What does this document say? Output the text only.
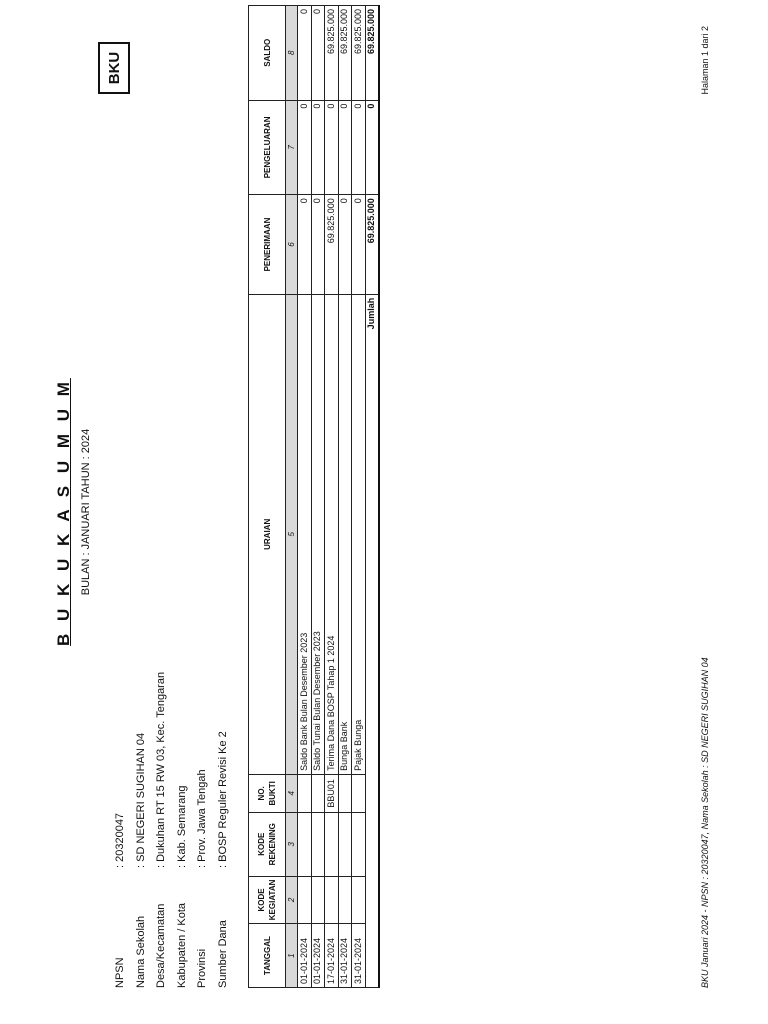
BKU
B U K U K A S U M U M BULAN : JANUARI TAHUN : 2024
NPSN
: 20320047
Nama Sekolah
: SD NEGERI SUGIHAN 04
Desa/Kecamatan
: Dukuhan RT 15 RW 03, Kec. Tengaran
Kabupaten / Kota
: Kab. Semarang
Provinsi
: Prov. Jawa Tengah
Sumber Dana
: BOSP Reguler Revisi Ke 2
TANGGAL	KODE KEGIATAN	KODE REKENING	NO. BUKTI	URAIAN	PENERIMAAN	PENGELUARAN	SALDO
1	2	3	4	5	6	7	8
01-01-2024				Saldo Bank Bulan Desember 2023	0	0	0
01-01-2024				Saldo Tunai Bulan Desember 2023	0	0	0
17-01-2024			BBU01	Terima Dana BOSP Tahap 1 2024	69.825.000	0	69.825.000
31-01-2024				Bunga Bank	0	0	69.825.000
31-01-2024				Pajak Bunga	0	0	69.825.000
Jumlah					69.825.000	0	69.825.000
BKU Januari 2024 - NPSN : 20320047, Nama Sekolah : SD NEGERI SUGIHAN 04
Halaman 1 dari 2
